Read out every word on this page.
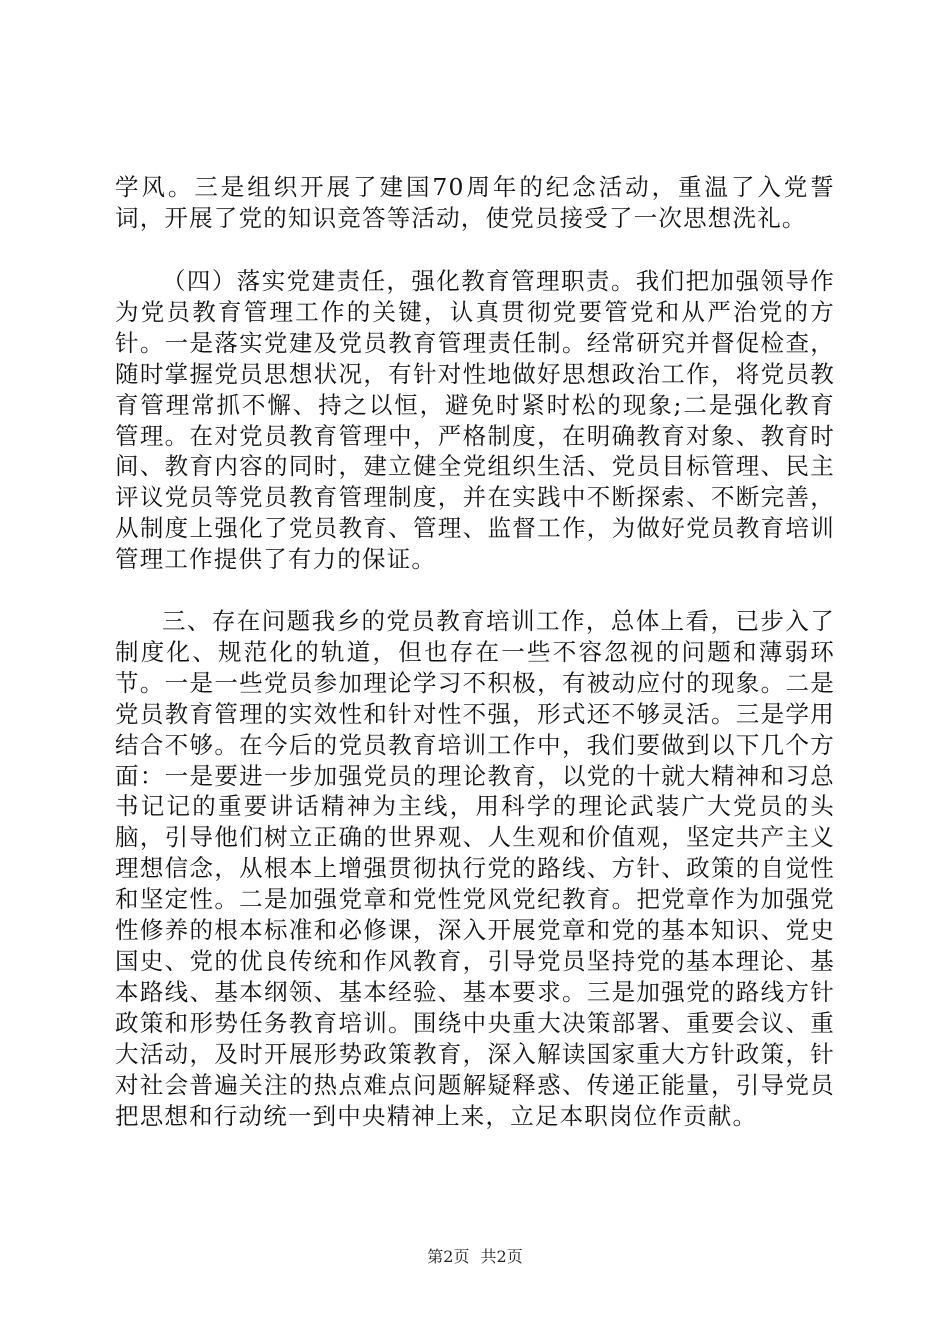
学风。三是组织开展了建国70周年的纪念活动，重温了入党誓词，开展了党的知识竞答等活动，使党员接受了一次思想洗礼。

（四）落实党建责任，强化教育管理职责。我们把加强领导作为党员教育管理工作的关键，认真贯彻党要管党和从严治党的方针。一是落实党建及党员教育管理责任制。经常研究并督促检查，随时掌握党员思想状况，有针对性地做好思想政治工作，将党员教育管理常抓不懈、持之以恒，避免时紧时松的现象;二是强化教育管理。在对党员教育管理中，严格制度，在明确教育对象、教育时间、教育内容的同时，建立健全党组织生活、党员目标管理、民主评议党员等党员教育管理制度，并在实践中不断探索、不断完善，从制度上强化了党员教育、管理、监督工作，为做好党员教育培训管理工作提供了有力的保证。

三、存在问题我乡的党员教育培训工作，总体上看，已步入了制度化、规范化的轨道，但也存在一些不容忽视的问题和薄弱环节。一是一些党员参加理论学习不积极，有被动应付的现象。二是党员教育管理的实效性和针对性不强，形式还不够灵活。三是学用结合不够。在今后的党员教育培训工作中，我们要做到以下几个方面：一是要进一步加强党员的理论教育，以党的十就大精神和习总书记记的重要讲话精神为主线，用科学的理论武装广大党员的头脑，引导他们树立正确的世界观、人生观和价值观，坚定共产主义理想信念，从根本上增强贯彻执行党的路线、方针、政策的自觉性和坚定性。二是加强党章和党性党风党纪教育。把党章作为加强党性修养的根本标准和必修课，深入开展党章和党的基本知识、党史国史、党的优良传统和作风教育，引导党员坚持党的基本理论、基本路线、基本纲领、基本经验、基本要求。三是加强党的路线方针政策和形势任务教育培训。围绕中央重大决策部署、重要会议、重大活动，及时开展形势政策教育，深入解读国家重大方针政策，针对社会普遍关注的热点难点问题解疑释惑、传递正能量，引导党员把思想和行动统一到中央精神上来，立足本职岗位作贡献。

第2页 共2页
